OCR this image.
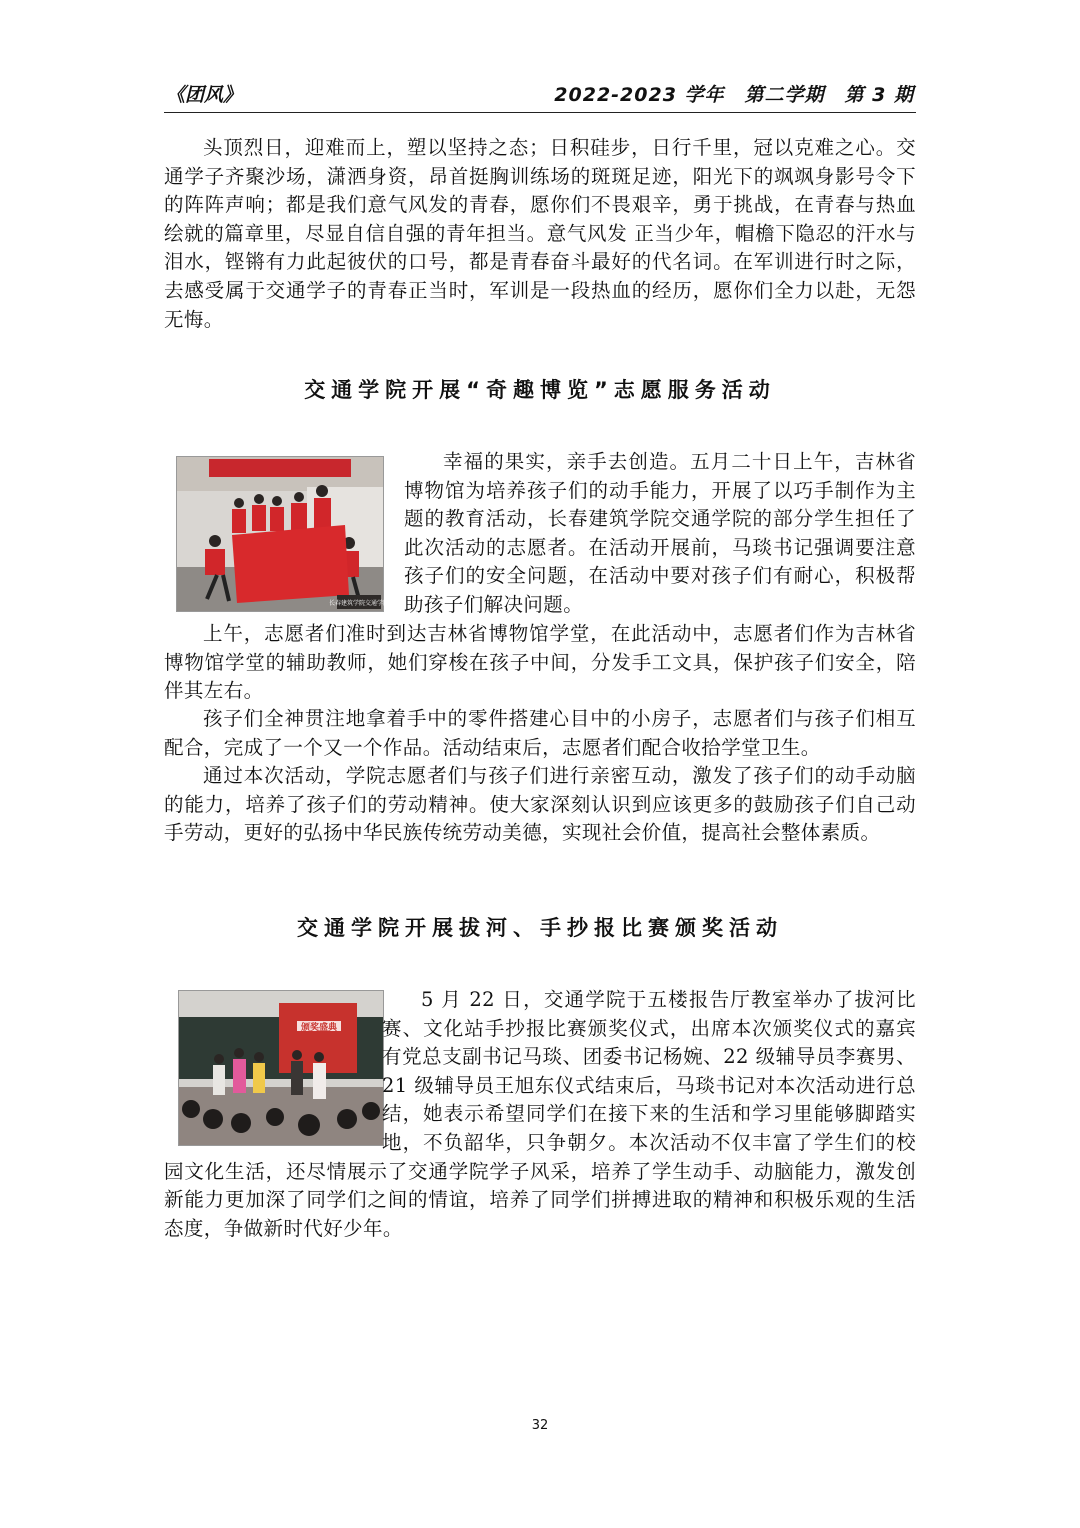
《团风》	2022-2023 学年　第二学期　第 3 期

头顶烈日，迎难而上，塑以坚持之态；日积硅步，日行千里，冠以克难之心。交通学子齐聚沙场，潇洒身资，昂首挺胸训练场的斑斑足迹，阳光下的飒飒身影号令下的阵阵声响；都是我们意气风发的青春，愿你们不畏艰辛，勇于挑战，在青春与热血绘就的篇章里，尽显自信自强的青年担当。意气风发 正当少年，帽檐下隐忍的汗水与泪水，铿锵有力此起彼伏的口号，都是青春奋斗最好的代名词。在军训进行时之际，去感受属于交通学子的青春正当时，军训是一段热血的经历，愿你们全力以赴，无怨无悔。

交通学院开展“奇趣博览”志愿服务活动
长春建筑学院交通学院

幸福的果实，亲手去创造。五月二十日上午，吉林省博物馆为培养孩子们的动手能力，开展了以巧手制作为主题的教育活动，长春建筑学院交通学院的部分学生担任了此次活动的志愿者。在活动开展前，马琰书记强调要注意孩子们的安全问题，在活动中要对孩子们有耐心，积极帮助孩子们解决问题。

上午，志愿者们准时到达吉林省博物馆学堂，在此活动中，志愿者们作为吉林省博物馆学堂的辅助教师，她们穿梭在孩子中间，分发手工文具，保护孩子们安全，陪伴其左右。

孩子们全神贯注地拿着手中的零件搭建心目中的小房子，志愿者们与孩子们相互配合，完成了一个又一个作品。活动结束后，志愿者们配合收拾学堂卫生。

通过本次活动，学院志愿者们与孩子们进行亲密互动，激发了孩子们的动手动脑的能力，培养了孩子们的劳动精神。使大家深刻认识到应该更多的鼓励孩子们自己动手劳动，更好的弘扬中华民族传统劳动美德，实现社会价值，提高社会整体素质。

交通学院开展拔河、手抄报比赛颁奖活动
颁奖盛典

5 月 22 日，交通学院于五楼报告厅教室举办了拔河比赛、文化站手抄报比赛颁奖仪式，出席本次颁奖仪式的嘉宾有党总支副书记马琰、团委书记杨婉、22 级辅导员李赛男、21 级辅导员王旭东仪式结束后，马琰书记对本次活动进行总结，她表示希望同学们在接下来的生活和学习里能够脚踏实地，不负韶华，只争朝夕。本次活动不仅丰富了学生们的校园文化生活，还尽情展示了交通学院学子风采，培养了学生动手、动脑能力，激发创新能力更加深了同学们之间的情谊，培养了同学们拼搏进取的精神和积极乐观的生活态度，争做新时代好少年。

32
